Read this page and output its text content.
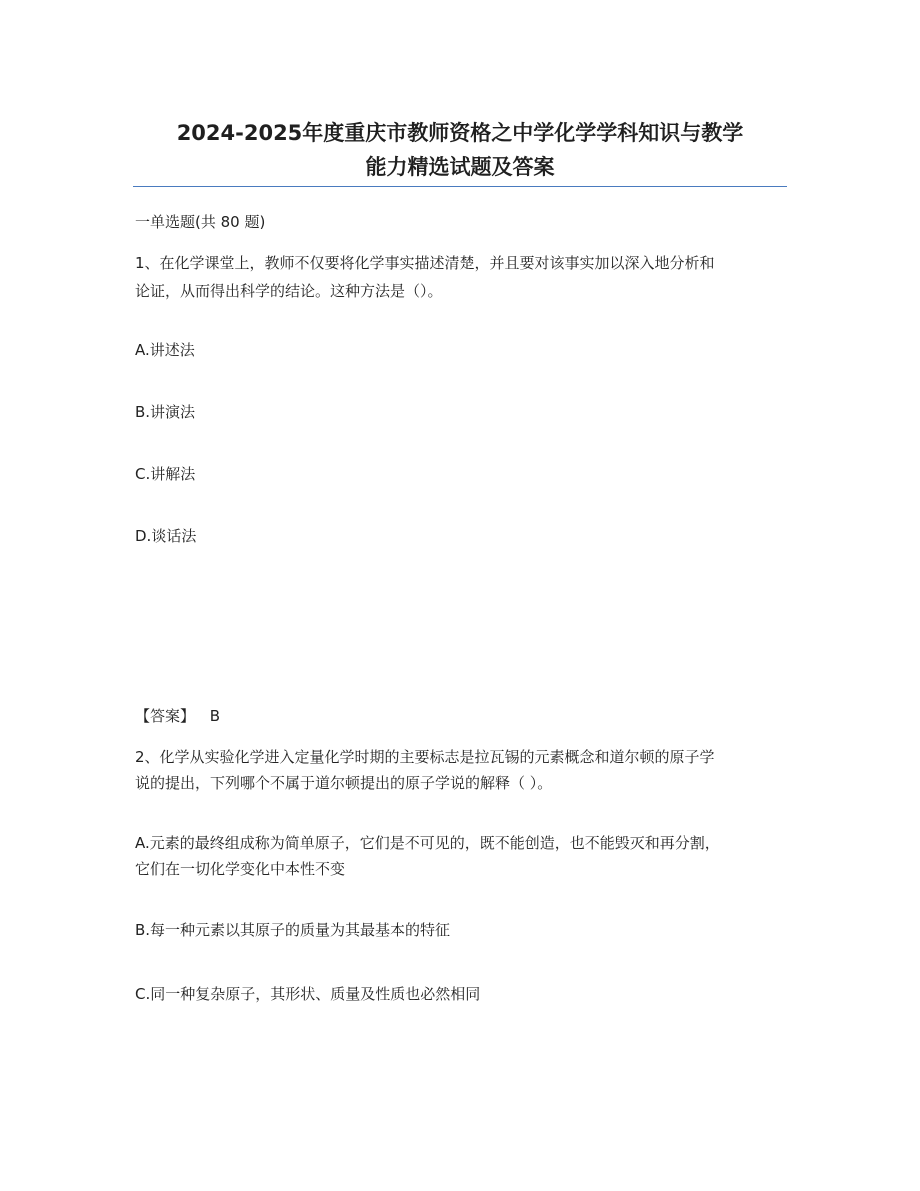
2024-2025年度重庆市教师资格之中学化学学科知识与教学
能力精选试题及答案
一单选题(共 80 题)
1、在化学课堂上，教师不仅要将化学事实描述清楚，并且要对该事实加以深入地分析和
论证，从而得出科学的结论。这种方法是（）。
A.讲述法
B.讲演法
C.讲解法
D.谈话法
【答案】 B
2、化学从实验化学进入定量化学时期的主要标志是拉瓦锡的元素概念和道尔顿的原子学
说的提出，下列哪个不属于道尔顿提出的原子学说的解释（ ）。
A.元素的最终组成称为简单原子，它们是不可见的，既不能创造，也不能毁灭和再分割，
它们在一切化学变化中本性不变
B.每一种元素以其原子的质量为其最基本的特征
C.同一种复杂原子，其形状、质量及性质也必然相同
